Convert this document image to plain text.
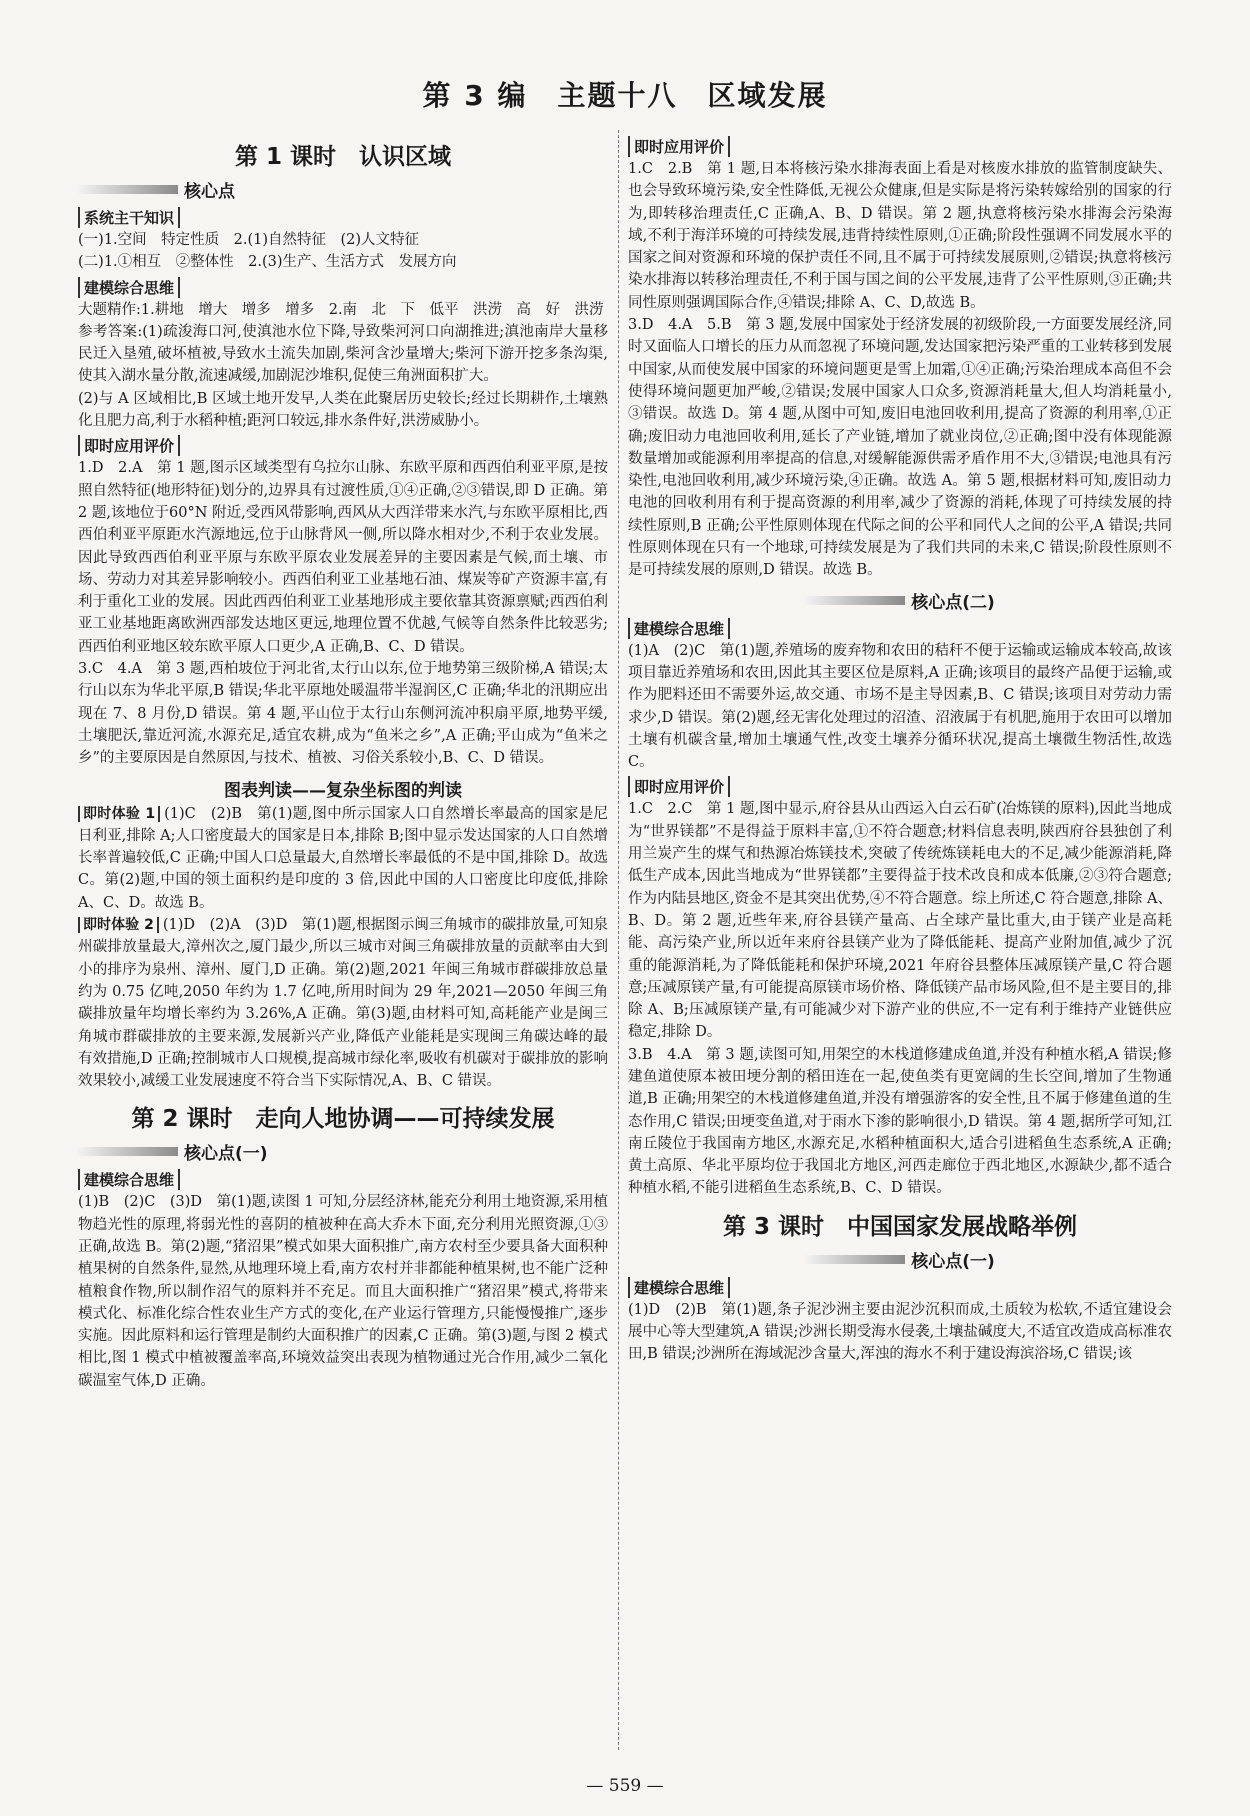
第 3 编　主题十八　区域发展
第 1 课时　认识区域
核心点
系统主干知识

(一)1.空间　特定性质　2.(1)自然特征　(2)人文特征
(二)1.①相互　②整体性　2.(3)生产、生活方式　发展方向

建模综合思维

大题精作:1.耕地　增大　增多　增多　2.南　北　下　低平　洪涝　高　好　洪涝
参考答案:(1)疏浚海口河,使滇池水位下降,导致柴河河口向湖推进;滇池南岸大量移民迁入垦殖,破坏植被,导致水土流失加剧,柴河含沙量增大;柴河下游开挖多条沟渠,使其入湖水量分散,流速减缓,加剧泥沙堆积,促使三角洲面积扩大。
(2)与 A 区域相比,B 区域土地开发早,人类在此聚居历史较长;经过长期耕作,土壤熟化且肥力高,利于水稻种植;距河口较远,排水条件好,洪涝威胁小。

即时应用评价

1.D　2.A　第 1 题,图示区域类型有乌拉尔山脉、东欧平原和西西伯利亚平原,是按照自然特征(地形特征)划分的,边界具有过渡性质,①④正确,②③错误,即 D 正确。第 2 题,该地位于60°N 附近,受西风带影响,西风从大西洋带来水汽,与东欧平原相比,西西伯利亚平原距水汽源地远,位于山脉背风一侧,所以降水相对少,不利于农业发展。因此导致西西伯利亚平原与东欧平原农业发展差异的主要因素是气候,而土壤、市场、劳动力对其差异影响较小。西西伯利亚工业基地石油、煤炭等矿产资源丰富,有利于重化工业的发展。因此西西伯利亚工业基地形成主要依靠其资源禀赋;西西伯利亚工业基地距离欧洲西部发达地区更远,地理位置不优越,气候等自然条件比较恶劣;西西伯利亚地区较东欧平原人口更少,A 正确,B、C、D 错误。
3.C　4.A　第 3 题,西柏坡位于河北省,太行山以东,位于地势第三级阶梯,A 错误;太行山以东为华北平原,B 错误;华北平原地处暖温带半湿润区,C 正确;华北的汛期应出现在 7、8 月份,D 错误。第 4 题,平山位于太行山东侧河流冲积扇平原,地势平缓,土壤肥沃,靠近河流,水源充足,适宜农耕,成为“鱼米之乡”,A 正确;平山成为“鱼米之乡”的主要原因是自然原因,与技术、植被、习俗关系较小,B、C、D 错误。

图表判读——复杂坐标图的判读

即时体验 1 (1)C　(2)B　第(1)题,图中所示国家人口自然增长率最高的国家是尼日利亚,排除 A;人口密度最大的国家是日本,排除 B;图中显示发达国家的人口自然增长率普遍较低,C 正确;中国人口总量最大,自然增长率最低的不是中国,排除 D。故选 C。第(2)题,中国的领土面积约是印度的 3 倍,因此中国的人口密度比印度低,排除 A、C、D。故选 B。

即时体验 2 (1)D　(2)A　(3)D　第(1)题,根据图示闽三角城市的碳排放量,可知泉州碳排放量最大,漳州次之,厦门最少,所以三城市对闽三角碳排放量的贡献率由大到小的排序为泉州、漳州、厦门,D 正确。第(2)题,2021 年闽三角城市群碳排放总量约为 0.75 亿吨,2050 年约为 1.7 亿吨,所用时间为 29 年,2021—2050 年闽三角碳排放量年均增长率约为 3.26%,A 正确。第(3)题,由材料可知,高耗能产业是闽三角城市群碳排放的主要来源,发展新兴产业,降低产业能耗是实现闽三角碳达峰的最有效措施,D 正确;控制城市人口规模,提高城市绿化率,吸收有机碳对于碳排放的影响效果较小,减缓工业发展速度不符合当下实际情况,A、B、C 错误。

第 2 课时　走向人地协调——可持续发展
核心点(一)
建模综合思维

(1)B　(2)C　(3)D　第(1)题,读图 1 可知,分层经济林,能充分利用土地资源,采用植物趋光性的原理,将弱光性的喜阴的植被种在高大乔木下面,充分利用光照资源,①③正确,故选 B。第(2)题,“猪沼果”模式如果大面积推广,南方农村至少要具备大面积种植果树的自然条件,显然,从地理环境上看,南方农村并非都能种植果树,也不能广泛种植粮食作物,所以制作沼气的原料并不充足。而且大面积推广“猪沼果”模式,将带来模式化、标准化综合性农业生产方式的变化,在产业运行管理方,只能慢慢推广,逐步实施。因此原料和运行管理是制约大面积推广的因素,C 正确。第(3)题,与图 2 模式相比,图 1 模式中植被覆盖率高,环境效益突出表现为植物通过光合作用,减少二氧化碳温室气体,D 正确。

即时应用评价

1.C　2.B　第 1 题,日本将核污染水排海表面上看是对核废水排放的监管制度缺失、也会导致环境污染,安全性降低,无视公众健康,但是实际是将污染转嫁给别的国家的行为,即转移治理责任,C 正确,A、B、D 错误。第 2 题,执意将核污染水排海会污染海域,不利于海洋环境的可持续发展,违背持续性原则,①正确;阶段性强调不同发展水平的国家之间对资源和环境的保护责任不同,且不属于可持续发展原则,②错误;执意将核污染水排海以转移治理责任,不利于国与国之间的公平发展,违背了公平性原则,③正确;共同性原则强调国际合作,④错误;排除 A、C、D,故选 B。
3.D　4.A　5.B　第 3 题,发展中国家处于经济发展的初级阶段,一方面要发展经济,同时又面临人口增长的压力从而忽视了环境问题,发达国家把污染严重的工业转移到发展中国家,从而使发展中国家的环境问题更是雪上加霜,①④正确;污染治理成本高但不会使得环境问题更加严峻,②错误;发展中国家人口众多,资源消耗量大,但人均消耗量小,③错误。故选 D。第 4 题,从图中可知,废旧电池回收利用,提高了资源的利用率,①正确;废旧动力电池回收利用,延长了产业链,增加了就业岗位,②正确;图中没有体现能源数量增加或能源利用率提高的信息,对缓解能源供需矛盾作用不大,③错误;电池具有污染性,电池回收利用,减少环境污染,④正确。故选 A。第 5 题,根据材料可知,废旧动力电池的回收利用有利于提高资源的利用率,减少了资源的消耗,体现了可持续发展的持续性原则,B 正确;公平性原则体现在代际之间的公平和同代人之间的公平,A 错误;共同性原则体现在只有一个地球,可持续发展是为了我们共同的未来,C 错误;阶段性原则不是可持续发展的原则,D 错误。故选 B。

核心点(二)
建模综合思维

(1)A　(2)C　第(1)题,养殖场的废弃物和农田的秸秆不便于运输或运输成本较高,故该项目靠近养殖场和农田,因此其主要区位是原料,A 正确;该项目的最终产品便于运输,或作为肥料还田不需要外运,故交通、市场不是主导因素,B、C 错误;该项目对劳动力需求少,D 错误。第(2)题,经无害化处理过的沼渣、沼液属于有机肥,施用于农田可以增加土壤有机碳含量,增加土壤通气性,改变土壤养分循环状况,提高土壤微生物活性,故选 C。

即时应用评价

1.C　2.C　第 1 题,图中显示,府谷县从山西运入白云石矿(冶炼镁的原料),因此当地成为“世界镁都”不是得益于原料丰富,①不符合题意;材料信息表明,陕西府谷县独创了利用兰炭产生的煤气和热源冶炼镁技术,突破了传统炼镁耗电大的不足,减少能源消耗,降低生产成本,因此当地成为“世界镁都”主要得益于技术改良和成本低廉,②③符合题意;作为内陆县地区,资金不是其突出优势,④不符合题意。综上所述,C 符合题意,排除 A、B、D。第 2 题,近些年来,府谷县镁产量高、占全球产量比重大,由于镁产业是高耗能、高污染产业,所以近年来府谷县镁产业为了降低能耗、提高产业附加值,减少了沉重的能源消耗,为了降低能耗和保护环境,2021 年府谷县整体压减原镁产量,C 符合题意;压减原镁产量,有可能提高原镁市场价格、降低镁产品市场风险,但不是主要目的,排除 A、B;压减原镁产量,有可能减少对下游产业的供应,不一定有利于维持产业链供应稳定,排除 D。
3.B　4.A　第 3 题,读图可知,用架空的木栈道修建成鱼道,并没有种植水稻,A 错误;修建鱼道使原本被田埂分割的稻田连在一起,使鱼类有更宽阔的生长空间,增加了生物通道,B 正确;用架空的木栈道修建鱼道,并没有增强游客的安全性,且不属于修建鱼道的生态作用,C 错误;田埂变鱼道,对于雨水下渗的影响很小,D 错误。第 4 题,据所学可知,江南丘陵位于我国南方地区,水源充足,水稻种植面积大,适合引进稻鱼生态系统,A 正确;黄土高原、华北平原均位于我国北方地区,河西走廊位于西北地区,水源缺少,都不适合种植水稻,不能引进稻鱼生态系统,B、C、D 错误。

第 3 课时　中国国家发展战略举例
核心点(一)
建模综合思维

(1)D　(2)B　第(1)题,条子泥沙洲主要由泥沙沉积而成,土质较为松软,不适宜建设会展中心等大型建筑,A 错误;沙洲长期受海水侵袭,土壤盐碱度大,不适宜改造成高标准农田,B 错误;沙洲所在海域泥沙含量大,浑浊的海水不利于建设海滨浴场,C 错误;该

— 559 —
